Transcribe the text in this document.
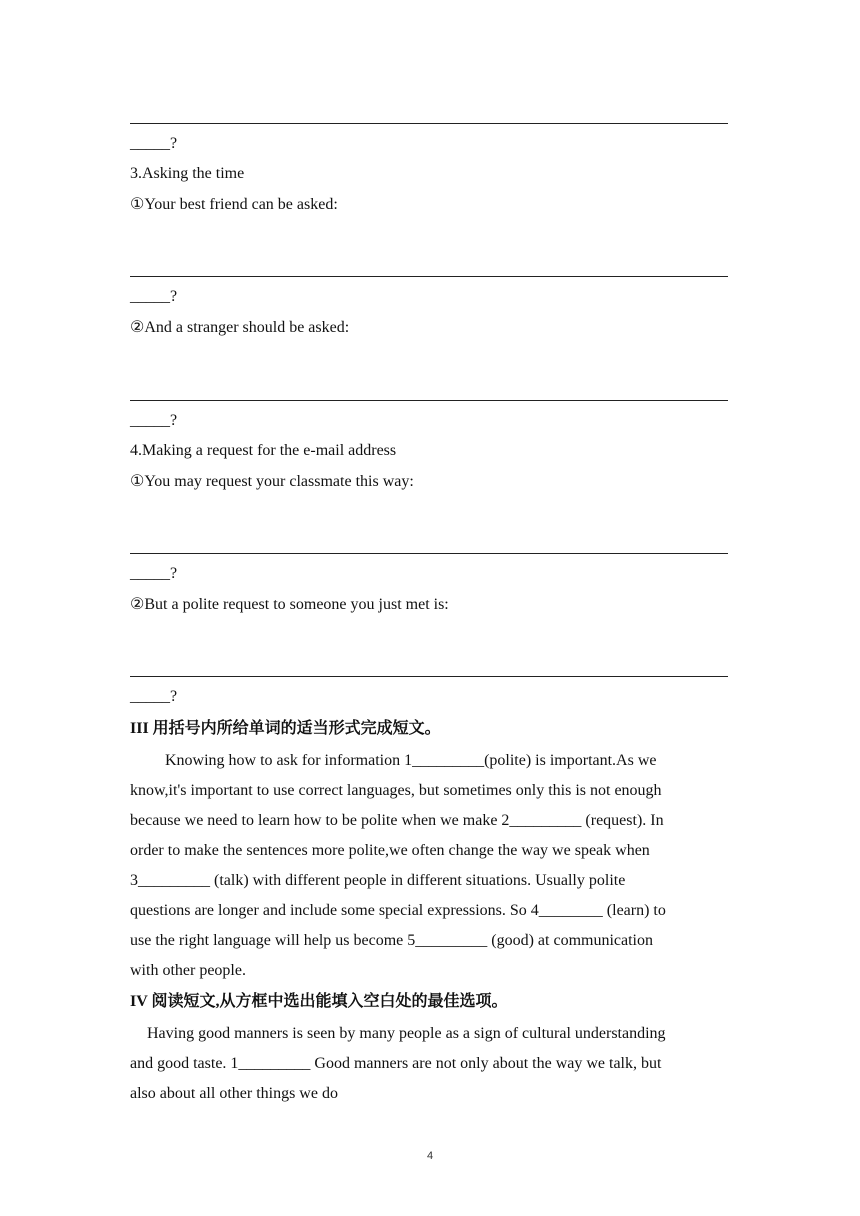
_____?
3.Asking the time
①Your best friend can be asked:
_____?
②And a stranger should be asked:
_____?
4.Making a request for the e-mail address
①You may request your classmate this way:
_____?
②But a polite request to someone you just met is:
_____?
III 用括号内所给单词的适当形式完成短文。

Knowing how to ask for information 1_________(polite) is important.As we

know,it's important to use correct languages, but sometimes only this is not enough

because we need to learn how to be polite when we make 2_________ (request). In

order to make the sentences more polite,we often change the way we speak when

3_________ (talk) with different people in different situations. Usually polite

questions are longer and include some special expressions. So 4________ (learn) to

use the right language will help us become 5_________ (good) at communication

with other people.

IV 阅读短文,从方框中选出能填入空白处的最佳选项。

Having good manners is seen by many people as a sign of cultural understanding

and good taste. 1_________ Good manners are not only about the way we talk, but

also about all other things we do

4
